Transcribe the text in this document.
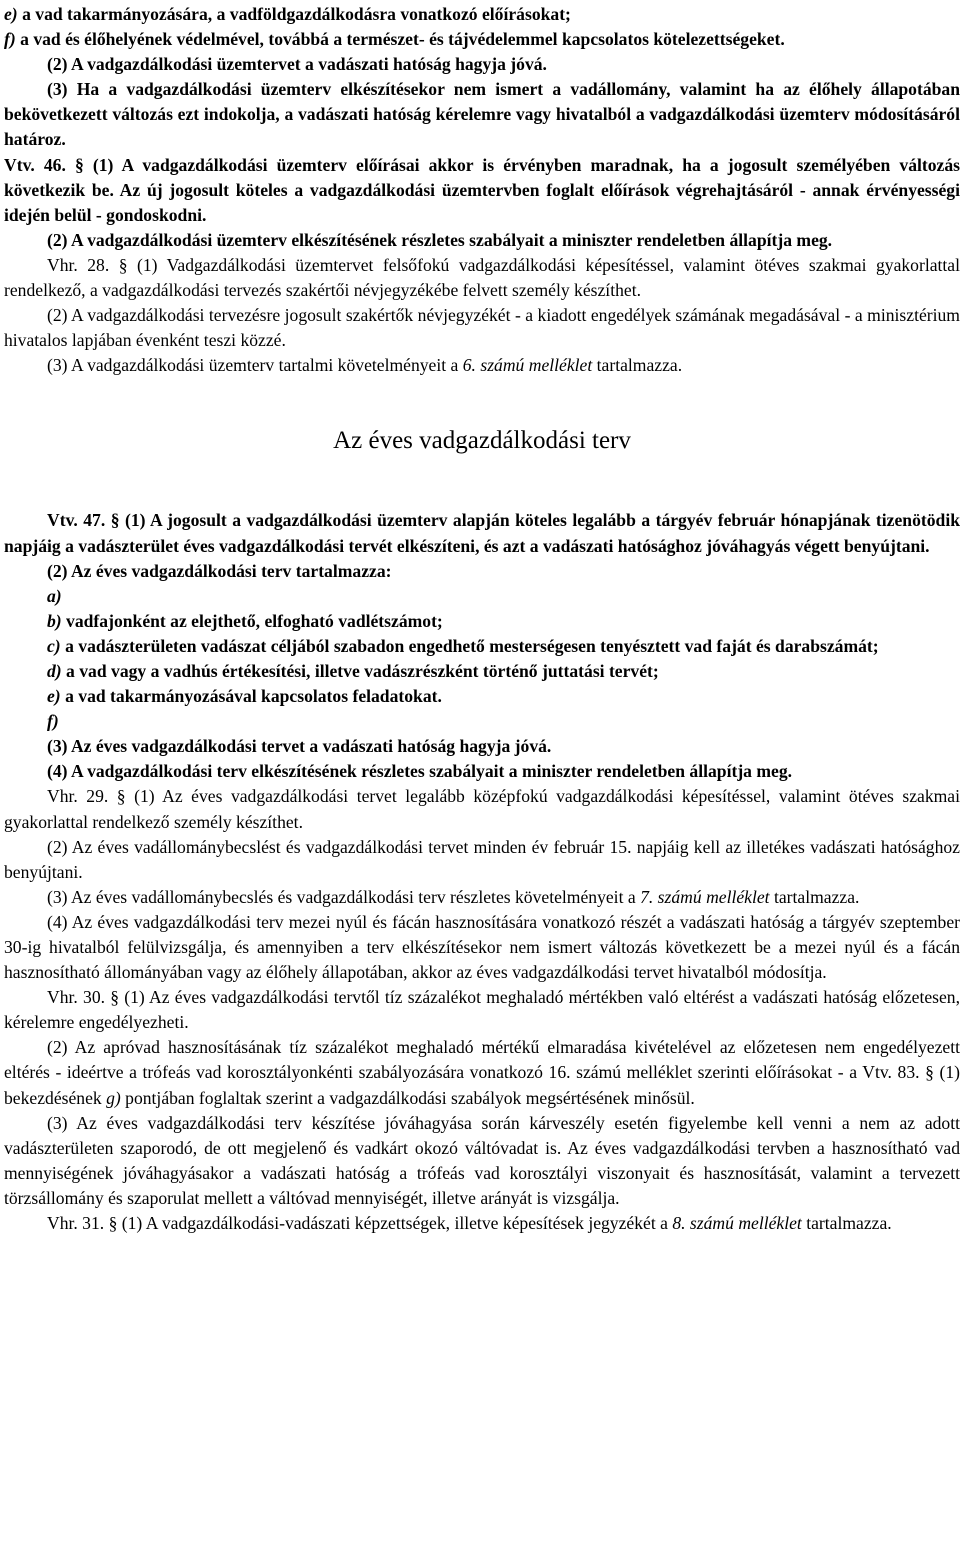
e) a vad takarmányozására, a vadföldgazdálkodásra vonatkozó előírásokat;

f) a vad és élőhelyének védelmével, továbbá a természet- és tájvédelemmel kapcsolatos kötelezettségeket.

(2) A vadgazdálkodási üzemtervet a vadászati hatóság hagyja jóvá.

(3) Ha a vadgazdálkodási üzemterv elkészítésekor nem ismert a vadállomány, valamint ha az élőhely állapotában bekövetkezett változás ezt indokolja, a vadászati hatóság kérelemre vagy hivatalból a vadgazdálkodási üzemterv módosításáról határoz.

Vtv. 46. § (1) A vadgazdálkodási üzemterv előírásai akkor is érvényben maradnak, ha a jogosult személyében változás következik be. Az új jogosult köteles a vadgazdálkodási üzemtervben foglalt előírások végrehajtásáról - annak érvényességi idején belül - gondoskodni.

(2) A vadgazdálkodási üzemterv elkészítésének részletes szabályait a miniszter rendeletben állapítja meg.

Vhr. 28. § (1) Vadgazdálkodási üzemtervet felsőfokú vadgazdálkodási képesítéssel, valamint ötéves szakmai gyakorlattal rendelkező, a vadgazdálkodási tervezés szakértői névjegyzékébe felvett személy készíthet.

(2) A vadgazdálkodási tervezésre jogosult szakértők névjegyzékét - a kiadott engedélyek számának megadásával - a minisztérium hivatalos lapjában évenként teszi közzé.

(3) A vadgazdálkodási üzemterv tartalmi követelményeit a 6. számú melléklet tartalmazza.

Az éves vadgazdálkodási terv

Vtv. 47. § (1) A jogosult a vadgazdálkodási üzemterv alapján köteles legalább a tárgyév február hónapjának tizenötödik napjáig a vadászterület éves vadgazdálkodási tervét elkészíteni, és azt a vadászati hatósághoz jóváhagyás végett benyújtani.

(2) Az éves vadgazdálkodási terv tartalmazza:

a)

b) vadfajonként az elejthető, elfogható vadlétszámot;

c) a vadászterületen vadászat céljából szabadon engedhető mesterségesen tenyésztett vad faját és darabszámát;

d) a vad vagy a vadhús értékesítési, illetve vadászrészként történő juttatási tervét;

e) a vad takarmányozásával kapcsolatos feladatokat.

f)

(3) Az éves vadgazdálkodási tervet a vadászati hatóság hagyja jóvá.

(4) A vadgazdálkodási terv elkészítésének részletes szabályait a miniszter rendeletben állapítja meg.

Vhr. 29. § (1) Az éves vadgazdálkodási tervet legalább középfokú vadgazdálkodási képesítéssel, valamint ötéves szakmai gyakorlattal rendelkező személy készíthet.

(2) Az éves vadállománybecslést és vadgazdálkodási tervet minden év február 15. napjáig kell az illetékes vadászati hatósághoz benyújtani.

(3) Az éves vadállománybecslés és vadgazdálkodási terv részletes követelményeit a 7. számú melléklet tartalmazza.

(4) Az éves vadgazdálkodási terv mezei nyúl és fácán hasznosítására vonatkozó részét a vadászati hatóság a tárgyév szeptember 30-ig hivatalból felülvizsgálja, és amennyiben a terv elkészítésekor nem ismert változás következett be a mezei nyúl és a fácán hasznosítható állományában vagy az élőhely állapotában, akkor az éves vadgazdálkodási tervet hivatalból módosítja.

Vhr. 30. § (1) Az éves vadgazdálkodási tervtől tíz százalékot meghaladó mértékben való eltérést a vadászati hatóság előzetesen, kérelemre engedélyezheti.

(2) Az apróvad hasznosításának tíz százalékot meghaladó mértékű elmaradása kivételével az előzetesen nem engedélyezett eltérés - ideértve a trófeás vad korosztályonkénti szabályozására vonatkozó 16. számú melléklet szerinti előírásokat - a Vtv. 83. § (1) bekezdésének g) pontjában foglaltak szerint a vadgazdálkodási szabályok megsértésének minősül.

(3) Az éves vadgazdálkodási terv készítése jóváhagyása során kárveszély esetén figyelembe kell venni a nem az adott vadászterületen szaporodó, de ott megjelenő és vadkárt okozó váltóvadat is. Az éves vadgazdálkodási tervben a hasznosítható vad mennyiségének jóváhagyásakor a vadászati hatóság a trófeás vad korosztályi viszonyait és hasznosítását, valamint a tervezett törzsállomány és szaporulat mellett a váltóvad mennyiségét, illetve arányát is vizsgálja.

Vhr. 31. § (1) A vadgazdálkodási-vadászati képzettségek, illetve képesítések jegyzékét a 8. számú melléklet tartalmazza.
